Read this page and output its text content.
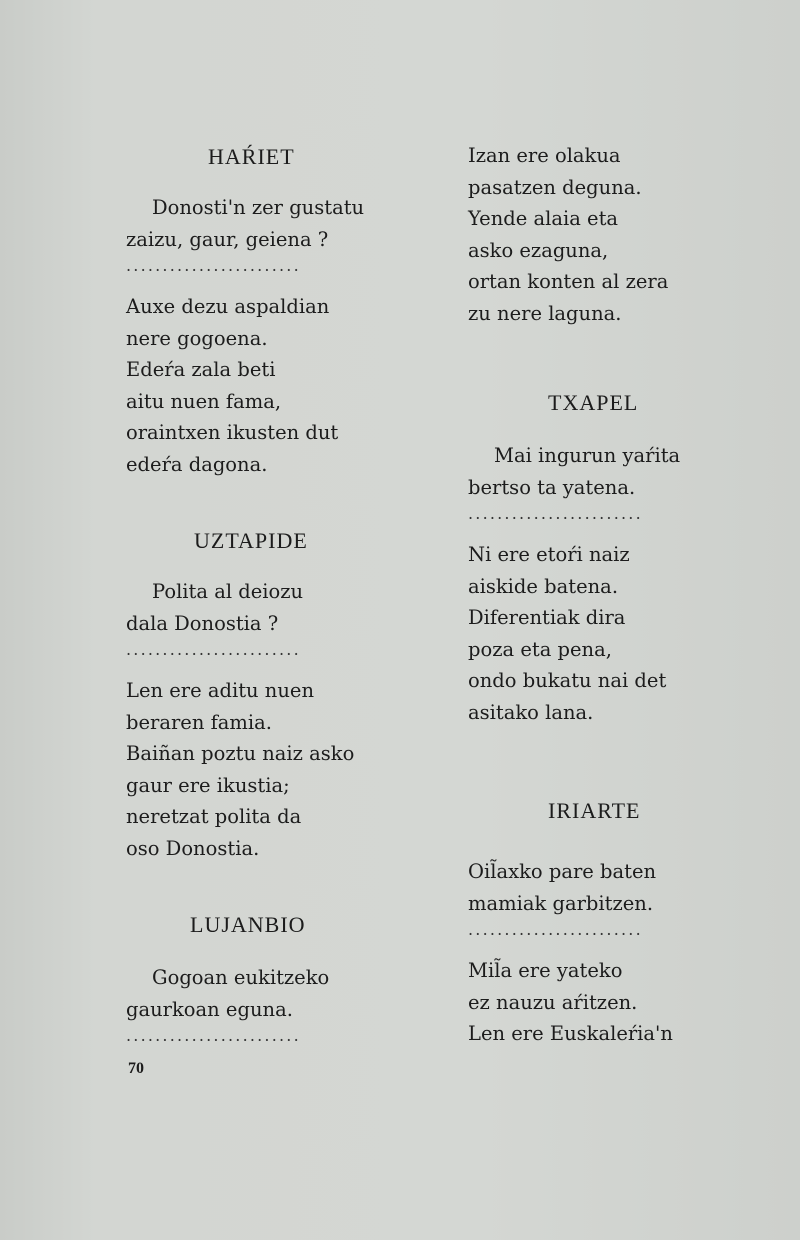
HAŔIET
Donosti'n zer gustatu
zaizu, gaur, geiena ?
........................
Auxe dezu aspaldian
nere gogoena.
Edeŕa zala beti
aitu nuen fama,
oraintxen ikusten dut
edeŕa dagona.
UZTAPIDE
Polita al deiozu
dala Donostia ?
........................
Len ere aditu nuen
beraren famia.
Baiñan poztu naiz asko
gaur ere ikustia;
neretzat polita da
oso Donostia.
LUJANBIO
Gogoan eukitzeko
gaurkoan eguna.
........................
Izan ere olakua
pasatzen deguna.
Yende alaia eta
asko ezaguna,
ortan konten al zera
zu nere laguna.
TXAPEL
Mai ingurun yaŕita
bertso ta yatena.
........................
Ni ere etoŕi naiz
aiskide batena.
Diferentiak dira
poza eta pena,
ondo bukatu nai det
asitako lana.
IRIARTE
Oil̃axko pare baten
mamiak garbitzen.
........................
Mil̃a ere yateko
ez nauzu aŕitzen.
Len ere Euskaleŕia'n
70
